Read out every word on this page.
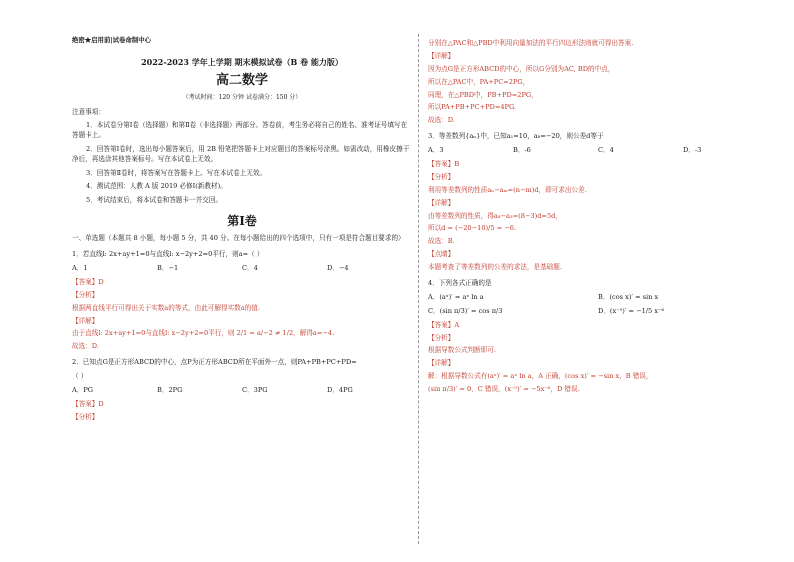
绝密★启用前|试卷命制中心
2022-2023 学年上学期 期末模拟试卷（B 卷 能力版）
高二数学
（考试时间：120 分钟 试卷满分：150 分）
注意事项：
1．本试卷分第Ⅰ卷（选择题）和第Ⅱ卷（非选择题）两部分。答卷前，考生务必将自己的姓名、准考证号填写在答题卡上。
2．回答第Ⅰ卷时，选出每小题答案后，用 2B 铅笔把答题卡上对应题目的答案标号涂黑。如需改动，用橡皮擦干净后，再选涂其他答案标号。写在本试卷上无效。
3．回答第Ⅱ卷时，将答案写在答题卡上。写在本试卷上无效。
4．测试范围：人教 A 版 2019 必修Ⅰ(新教材)。
5．考试结束后，将本试卷和答题卡一并交回。
第Ⅰ卷
一、单选题（本题共 8 小题，每小题 5 分，共 40 分。在每小题给出的四个选项中，只有一项是符合题目要求的）
1．若直线l: 2x+ay+1=0与直线l: x−2y+2=0平行，则a=（ ）
A．1	B．−1	C．4	D．−4
【答案】D
【分析】
根据两直线平行可得出关于实数a的等式，由此可解得实数a的值.
【详解】
由于直线l: 2x+ay+1=0与直线l: x−2y+2=0平行，则 2/1 = a/−2 ≠ 1/2，解得a=−4.
故选：D.
2．已知点G是正方形ABCD的中心，点P为正方形ABCD所在平面外一点，则PA+PB+PC+PD=
（ ）
A．PG	B．2PG	C．3PG	D．4PG
【答案】D
【分析】
分别在△PAC和△PBD中利用向量加法的平行四边形法则就可得出答案.
【详解】
因为点G是正方形ABCD的中心，所以G分别为AC, BD的中点，
所以在△PAC中，PA+PC=2PG，
同理，在△PBD中，PB+PD=2PG，
所以PA+PB+PC+PD=4PG.
故选：D.
3．等差数列{aₙ}中，已知a₁=10，a₈=−20，则公差d等于
A．3	B．-6	C．4	D．-3
【答案】B
【分析】
利用等差数列的性质aₙ−aₘ=(n−m)d，即可求出公差.
【详解】
由等差数列的性质，得a₈−a₃=(8−3)d=5d，
所以d = (−20−10)/5 = −6.
故选：B.
【点睛】
本题考查了等差数列的公差的求法，是基础题.
4．下列各式正确的是
A．(aˣ)′ = aˣ ln a	B．(cos x)′ = sin x
C．(sin π/3)′ = cos π/3	D．(x⁻⁵)′ = −1/5 x⁻⁶
【答案】A
【分析】
根据导数公式判断即可.
【详解】
解：根据导数公式有(aˣ)′ = aˣ ln a，A 正确，(cos x)′ = −sin x，B 错误，
(sin π/3)′ = 0，C 错误，(x⁻⁵)′ = −5x⁻⁶，D 错误.
